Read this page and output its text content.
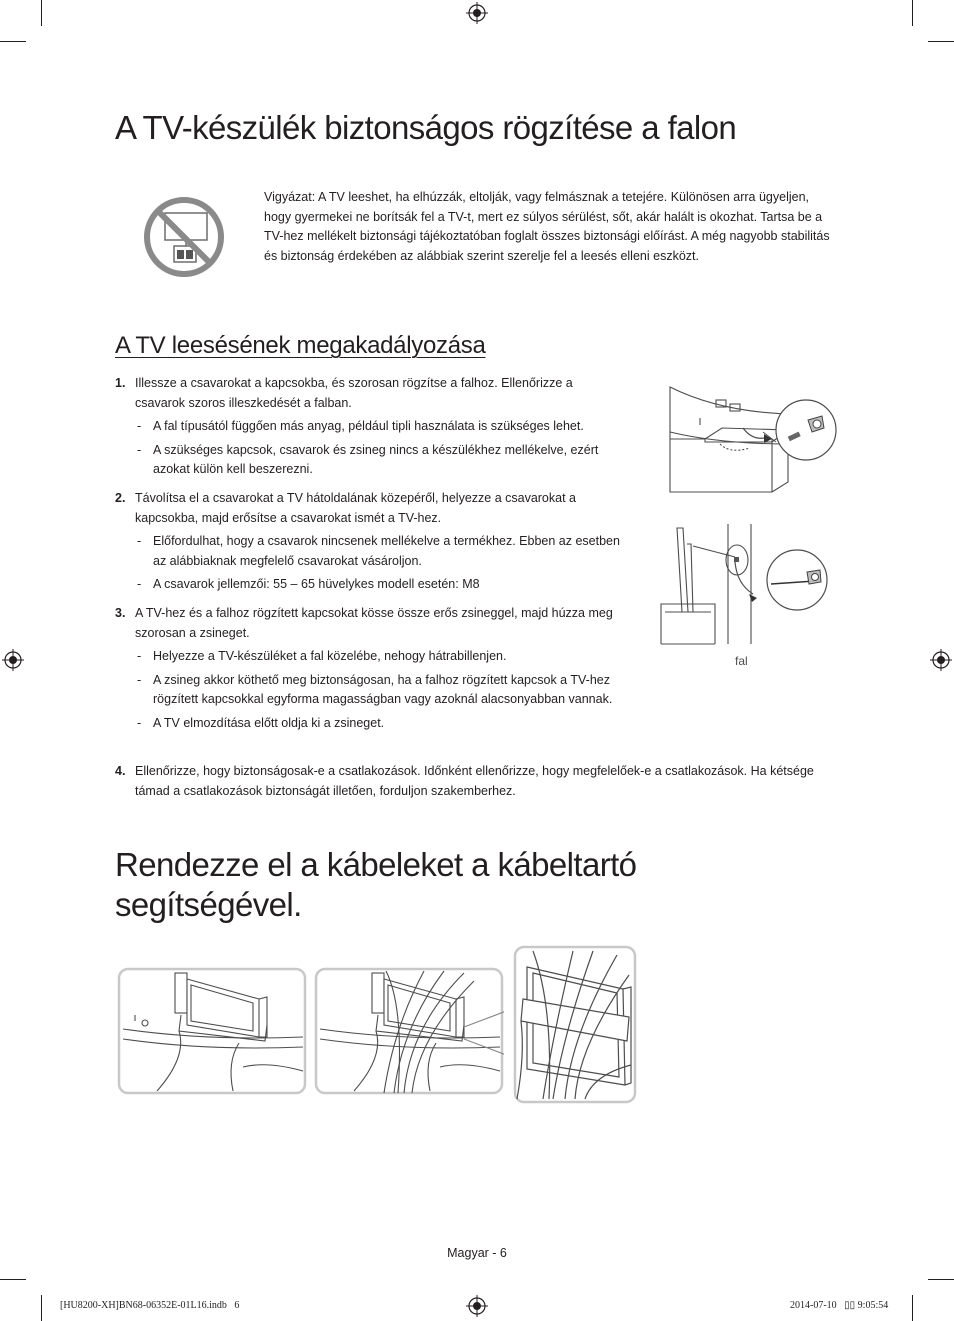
A TV-készülék biztonságos rögzítése a falon
Vigyázat: A TV leeshet, ha elhúzzák, eltolják, vagy felmásznak a tetejére. Különösen arra ügyeljen, hogy gyermekei ne borítsák fel a TV-t, mert ez súlyos sérülést, sőt, akár halált is okozhat. Tartsa be a TV-hez mellékelt biztonsági tájékoztatóban foglalt összes biztonsági előírást. A még nagyobb stabilitás és biztonság érdekében az alábbiak szerint szerelje fel a leesés elleni eszközt.
A TV leesésének megakadályozása
1. Illessze a csavarokat a kapcsokba, és szorosan rögzítse a falhoz. Ellenőrizze a csavarok szoros illeszkedését a falban.
- A fal típusától függően más anyag, például tipli használata is szükséges lehet.
- A szükséges kapcsok, csavarok és zsineg nincs a készülékhez mellékelve, ezért azokat külön kell beszerezni.
2. Távolítsa el a csavarokat a TV hátoldalának közepéről, helyezze a csavarokat a kapcsokba, majd erősítse a csavarokat ismét a TV-hez.
- Előfordulhat, hogy a csavarok nincsenek mellékelve a termékhez. Ebben az esetben az alábbiaknak megfelelő csavarokat vásároljon.
- A csavarok jellemzői: 55 – 65 hüvelykes modell esetén: M8
3. A TV-hez és a falhoz rögzített kapcsokat kösse össze erős zsineggel, majd húzza meg szorosan a zsineget.
- Helyezze a TV-készüléket a fal közelébe, nehogy hátrabillenjen.
- A zsineg akkor köthető meg biztonságosan, ha a falhoz rögzített kapcsok a TV-hez rögzített kapcsokkal egyforma magasságban vagy azoknál alacsonyabban vannak.
- A TV elmozdítása előtt oldja ki a zsineget.
4. Ellenőrizze, hogy biztonságosak-e a csatlakozások. Időnként ellenőrizze, hogy megfelelőek-e a csatlakozások. Ha kétsége támad a csatlakozások biztonságát illetően, forduljon szakemberhez.
fal
Rendezze el a kábeleket a kábeltartó
segítségével.
Magyar - 6
[HU8200-XH]BN68-06352E-01L16.indb   6	2014-07-10   ▯▯ 9:05:54
